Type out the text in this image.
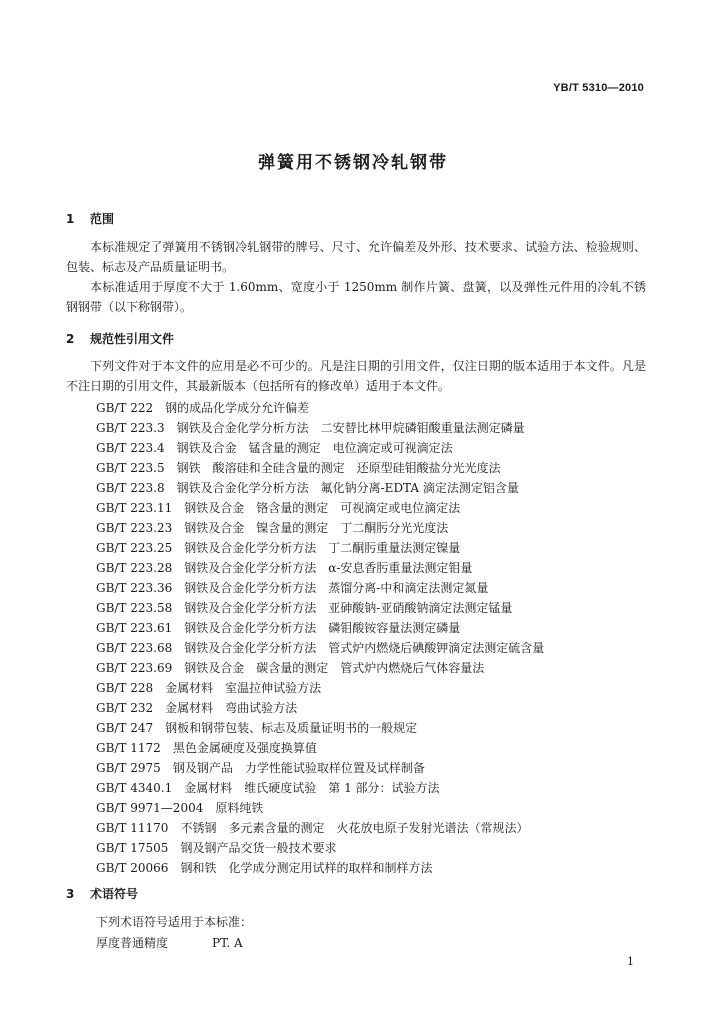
YB/T 5310—2010
弹簧用不锈钢冷轧钢带
1 范围
本标准规定了弹簧用不锈钢冷轧钢带的牌号、尺寸、允许偏差及外形、技术要求、试验方法、检验规则、包装、标志及产品质量证明书。
本标准适用于厚度不大于 1.60mm、宽度小于 1250mm 制作片簧、盘簧，以及弹性元件用的冷轧不锈钢钢带（以下称钢带）。
2 规范性引用文件
下列文件对于本文件的应用是必不可少的。凡是注日期的引用文件，仅注日期的版本适用于本文件。凡是不注日期的引用文件，其最新版本（包括所有的修改单）适用于本文件。
GB/T 222 钢的成品化学成分允许偏差
GB/T 223.3 钢铁及合金化学分析方法　二安替比林甲烷磷钼酸重量法测定磷量
GB/T 223.4 钢铁及合金　锰含量的测定　电位滴定或可视滴定法
GB/T 223.5 钢铁　酸溶硅和全硅含量的测定　还原型硅钼酸盐分光光度法
GB/T 223.8 钢铁及合金化学分析方法　氟化钠分离-EDTA 滴定法测定铝含量
GB/T 223.11 钢铁及合金　铬含量的测定　可视滴定或电位滴定法
GB/T 223.23 钢铁及合金　镍含量的测定　丁二酮肟分光光度法
GB/T 223.25 钢铁及合金化学分析方法　丁二酮肟重量法测定镍量
GB/T 223.28 钢铁及合金化学分析方法　α-安息香肟重量法测定钼量
GB/T 223.36 钢铁及合金化学分析方法　蒸馏分离-中和滴定法测定氮量
GB/T 223.58 钢铁及合金化学分析方法　亚砷酸钠-亚硝酸钠滴定法测定锰量
GB/T 223.61 钢铁及合金化学分析方法　磷钼酸铵容量法测定磷量
GB/T 223.68 钢铁及合金化学分析方法　管式炉内燃烧后碘酸钾滴定法测定硫含量
GB/T 223.69 钢铁及合金　碳含量的测定　管式炉内燃烧后气体容量法
GB/T 228 金属材料　室温拉伸试验方法
GB/T 232 金属材料　弯曲试验方法
GB/T 247 钢板和钢带包装、标志及质量证明书的一般规定
GB/T 1172 黑色金属硬度及强度换算值
GB/T 2975 钢及钢产品　力学性能试验取样位置及试样制备
GB/T 4340.1 金属材料　维氏硬度试验　第 1 部分：试验方法
GB/T 9971—2004 原料纯铁
GB/T 11170 不锈钢　多元素含量的测定　火花放电原子发射光谱法（常规法）
GB/T 17505 钢及钢产品交货一般技术要求
GB/T 20066 钢和铁　化学成分测定用试样的取样和制样方法
3 术语符号
下列术语符号适用于本标准：
厚度普通精度	PT. A
1
